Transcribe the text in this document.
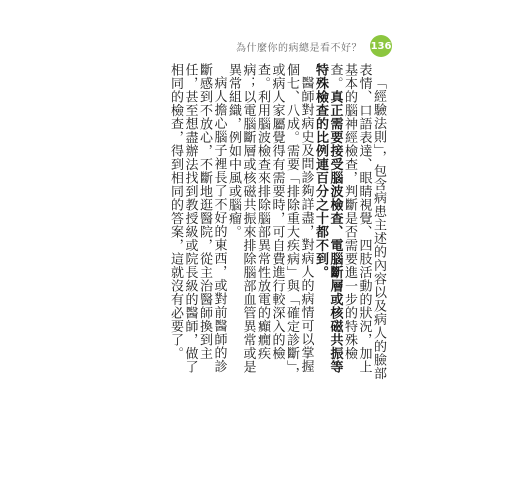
為什麼你的病總是看不好？ 136

「經驗法則」，包含病患主述的內容以及病人的臉部表情、口語表達、眼睛視覺、四肢活動的狀況，加上基本的腦神經檢查，判斷是否需要進一步的特殊檢查。真正需要接受腦波檢查、電腦斷層或核磁共振等特殊檢查的比例連百分之十都不到。

醫師對病史及問診夠詳盡，對病人的病情可以掌握個七、八成。需要「排除重大疾病」與「確定診斷」，或病人家屬覺得有需要時，可自費進行較深入的檢查。利用腦波檢查來排除腦部異常性放電的癲癇疾病；以電腦斷層或核磁共振來排除腦部血管異常或是異常組織，例如中風或腦瘤。

病人擔心腦子裡長了不好的東西，或對前醫師的診斷感到不放心，不斷地逛醫院，從主治醫師換到主任，甚至想盡辦法找到教授級或院長級的醫師，做了相同的檢查，得到相同的答案，這就沒有必要了。
